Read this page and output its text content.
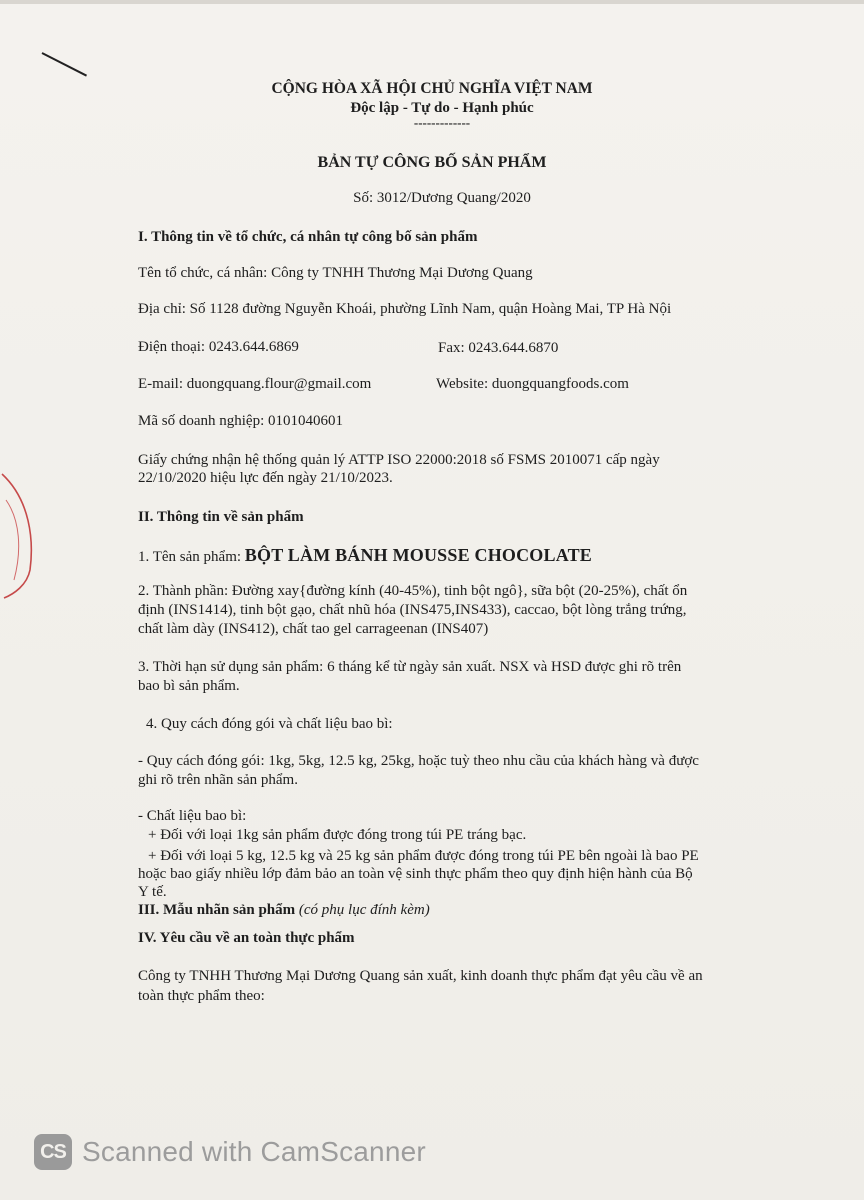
CỘNG HÒA XÃ HỘI CHỦ NGHĨA VIỆT NAM
Độc lập - Tự do - Hạnh phúc
-------------
BẢN TỰ CÔNG BỐ SẢN PHẨM
Số: 3012/Dương Quang/2020
I. Thông tin về tổ chức, cá nhân tự công bố sản phẩm
Tên tổ chức, cá nhân: Công ty TNHH Thương Mại Dương Quang
Địa chỉ: Số 1128 đường Nguyễn Khoái, phường Lĩnh Nam, quận Hoàng Mai, TP Hà Nội
Điện thoại: 0243.644.6869	Fax: 0243.644.6870
E-mail: duongquang.flour@gmail.com	Website: duongquangfoods.com
Mã số doanh nghiệp: 0101040601
Giấy chứng nhận hệ thống quản lý ATTP ISO 22000:2018 số FSMS 2010071 cấp ngày
22/10/2020 hiệu lực đến ngày 21/10/2023.
II. Thông tin về sản phẩm
1. Tên sản phẩm: BỘT LÀM BÁNH MOUSSE CHOCOLATE
2. Thành phần: Đường xay{đường kính (40-45%), tinh bột ngô}, sữa bột (20-25%), chất ổn
định (INS1414), tinh bột gạo, chất nhũ hóa (INS475,INS433), caccao, bột lòng trắng trứng,
chất làm dày (INS412), chất tao gel carrageenan (INS407)
3. Thời hạn sử dụng sản phẩm: 6 tháng kể từ ngày sản xuất. NSX và HSD được ghi rõ trên
bao bì sản phẩm.
4. Quy cách đóng gói và chất liệu bao bì:
- Quy cách đóng gói: 1kg, 5kg, 12.5 kg, 25kg, hoặc tuỳ theo nhu cầu của khách hàng và được
ghi rõ trên nhãn sản phẩm.
- Chất liệu bao bì:
+ Đối với loại 1kg sản phẩm được đóng trong túi PE tráng bạc.
+ Đối với loại 5 kg, 12.5 kg và 25 kg sản phẩm được đóng trong túi PE bên ngoài là bao PE
hoặc bao giấy nhiều lớp đảm bảo an toàn vệ sinh thực phẩm theo quy định hiện hành của Bộ
Y tế.
III. Mẫu nhãn sản phẩm (có phụ lục đính kèm)
IV. Yêu cầu về an toàn thực phẩm
Công ty TNHH Thương Mại Dương Quang sản xuất, kinh doanh thực phẩm đạt yêu cầu về an
toàn thực phẩm theo:
CS Scanned with CamScanner
